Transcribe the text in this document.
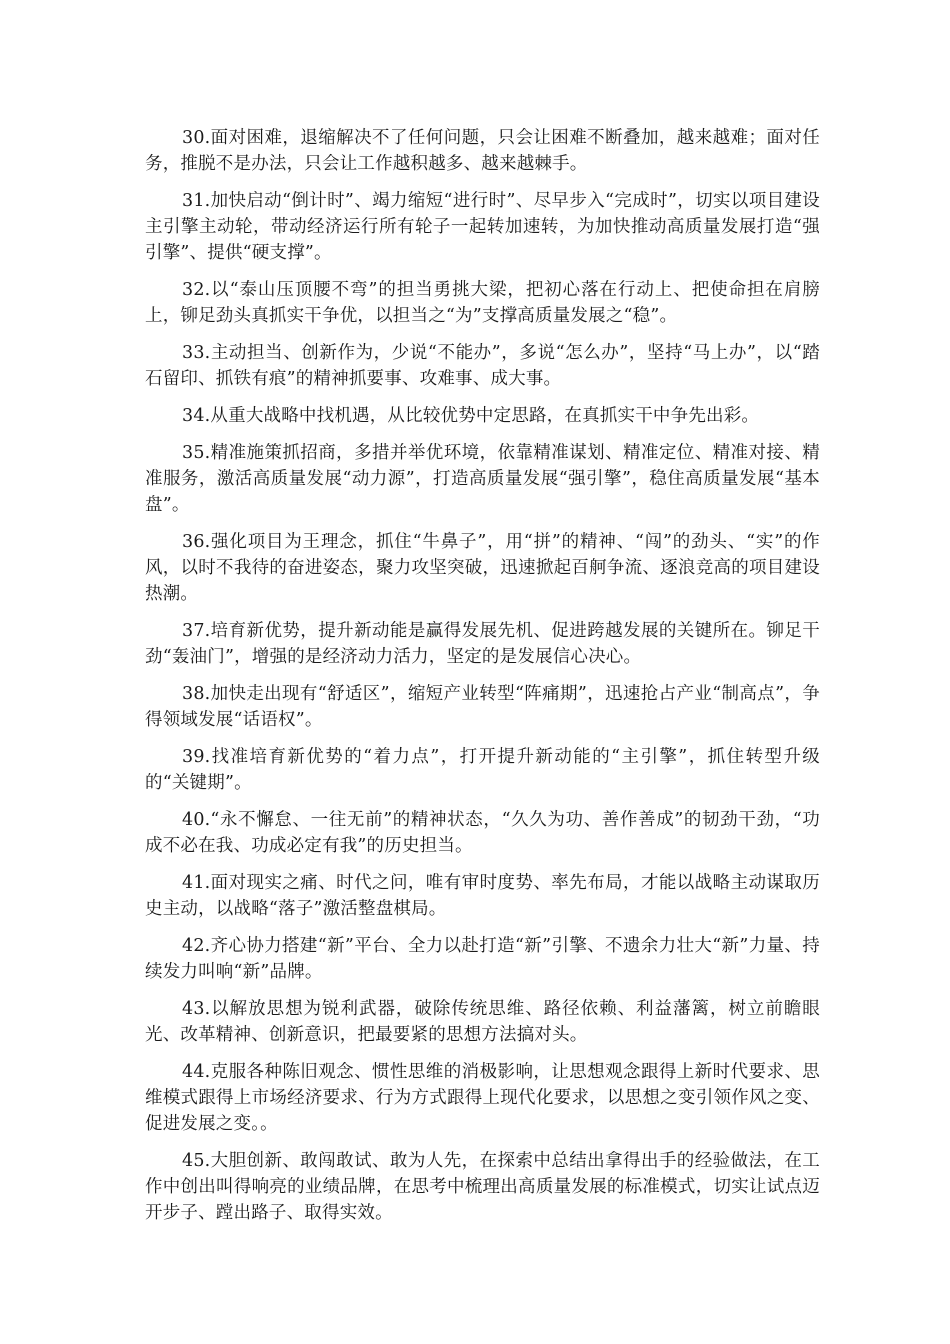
30.面对困难，退缩解决不了任何问题，只会让困难不断叠加，越来越难；面对任务，推脱不是办法，只会让工作越积越多、越来越棘手。

31.加快启动“倒计时”、竭力缩短“进行时”、尽早步入“完成时”，切实以项目建设主引擎主动轮，带动经济运行所有轮子一起转加速转，为加快推动高质量发展打造“强引擎”、提供“硬支撑”。

32.以“泰山压顶腰不弯”的担当勇挑大梁，把初心落在行动上、把使命担在肩膀上，铆足劲头真抓实干争优，以担当之“为”支撑高质量发展之“稳”。

33.主动担当、创新作为，少说“不能办”，多说“怎么办”，坚持“马上办”，以“踏石留印、抓铁有痕”的精神抓要事、攻难事、成大事。

34.从重大战略中找机遇，从比较优势中定思路，在真抓实干中争先出彩。

35.精准施策抓招商，多措并举优环境，依靠精准谋划、精准定位、精准对接、精准服务，激活高质量发展“动力源”，打造高质量发展“强引擎”，稳住高质量发展“基本盘”。

36.强化项目为王理念，抓住“牛鼻子”，用“拼”的精神、“闯”的劲头、“实”的作风，以时不我待的奋进姿态，聚力攻坚突破，迅速掀起百舸争流、逐浪竞高的项目建设热潮。

37.培育新优势，提升新动能是赢得发展先机、促进跨越发展的关键所在。铆足干劲“轰油门”，增强的是经济动力活力，坚定的是发展信心决心。

38.加快走出现有“舒适区”，缩短产业转型“阵痛期”，迅速抢占产业“制高点”，争得领域发展“话语权”。

39.找准培育新优势的“着力点”，打开提升新动能的“主引擎”，抓住转型升级的“关键期”。

40.“永不懈怠、一往无前”的精神状态，“久久为功、善作善成”的韧劲干劲，“功成不必在我、功成必定有我”的历史担当。

41.面对现实之痛、时代之问，唯有审时度势、率先布局，才能以战略主动谋取历史主动，以战略“落子”激活整盘棋局。

42.齐心协力搭建“新”平台、全力以赴打造“新”引擎、不遗余力壮大“新”力量、持续发力叫响“新”品牌。

43.以解放思想为锐利武器，破除传统思维、路径依赖、利益藩篱，树立前瞻眼光、改革精神、创新意识，把最要紧的思想方法搞对头。

44.克服各种陈旧观念、惯性思维的消极影响，让思想观念跟得上新时代要求、思维模式跟得上市场经济要求、行为方式跟得上现代化要求，以思想之变引领作风之变、促进发展之变。。

45.大胆创新、敢闯敢试、敢为人先，在探索中总结出拿得出手的经验做法，在工作中创出叫得响亮的业绩品牌，在思考中梳理出高质量发展的标准模式，切实让试点迈开步子、蹚出路子、取得实效。
